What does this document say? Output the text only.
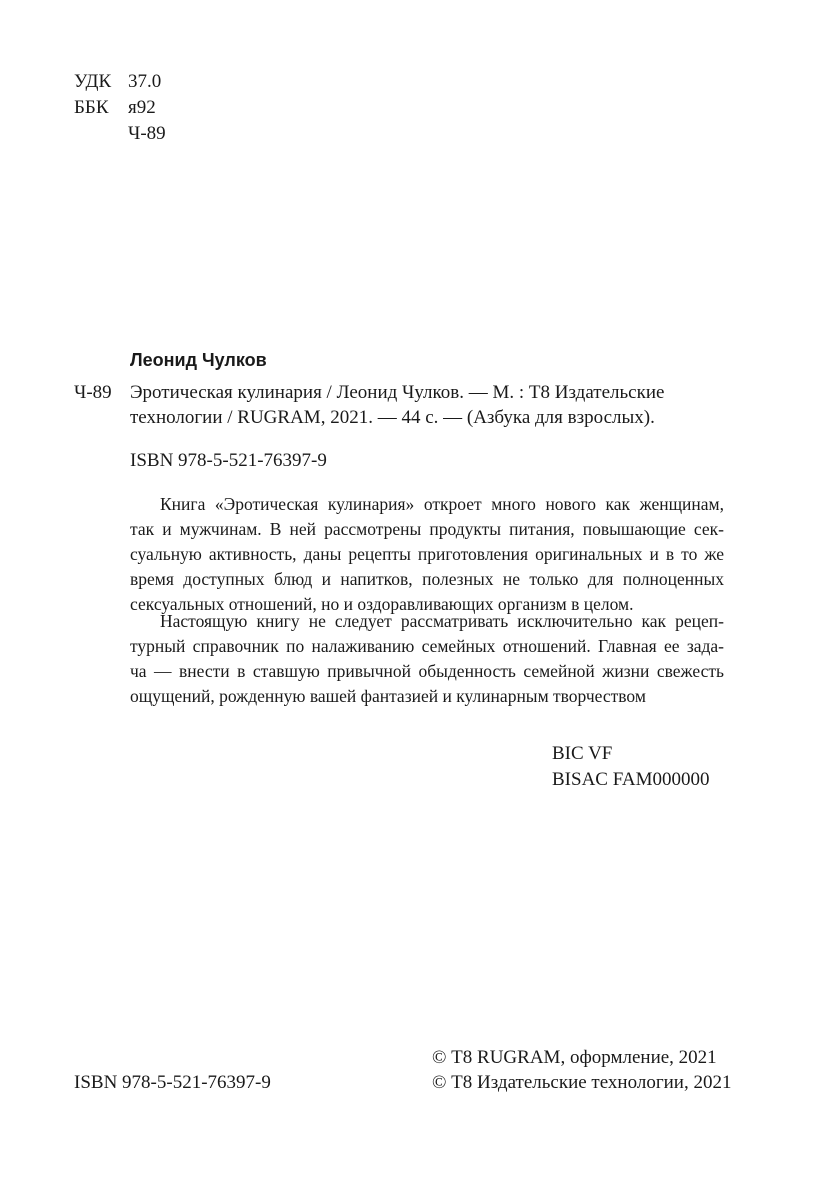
УДК 37.0
ББК я92
Ч-89
Леонид Чулков
Ч-89 Эротическая кулинария / Леонид Чулков. — М. : Т8 Издательские
технологии / RUGRAM, 2021. — 44 с. — (Азбука для взрослых).
ISBN 978-5-521-76397-9
Книга «Эротическая кулинария» откроет много нового как женщинам,
так и мужчинам. В ней рассмотрены продукты питания, повышающие сек-
суальную активность, даны рецепты приготовления оригинальных и в то же
время доступных блюд и напитков, полезных не только для полноценных
сексуальных отношений, но и оздоравливающих организм в целом.
Настоящую книгу не следует рассматривать исключительно как рецеп-
турный справочник по налаживанию семейных отношений. Главная ее зада-
ча — внести в ставшую привычной обыденность семейной жизни свежесть
ощущений, рожденную вашей фантазией и кулинарным творчеством
BIC VF
BISAC FAM000000
© Т8 RUGRAM, оформление, 2021
© Т8 Издательские технологии, 2021
ISBN 978-5-521-76397-9
